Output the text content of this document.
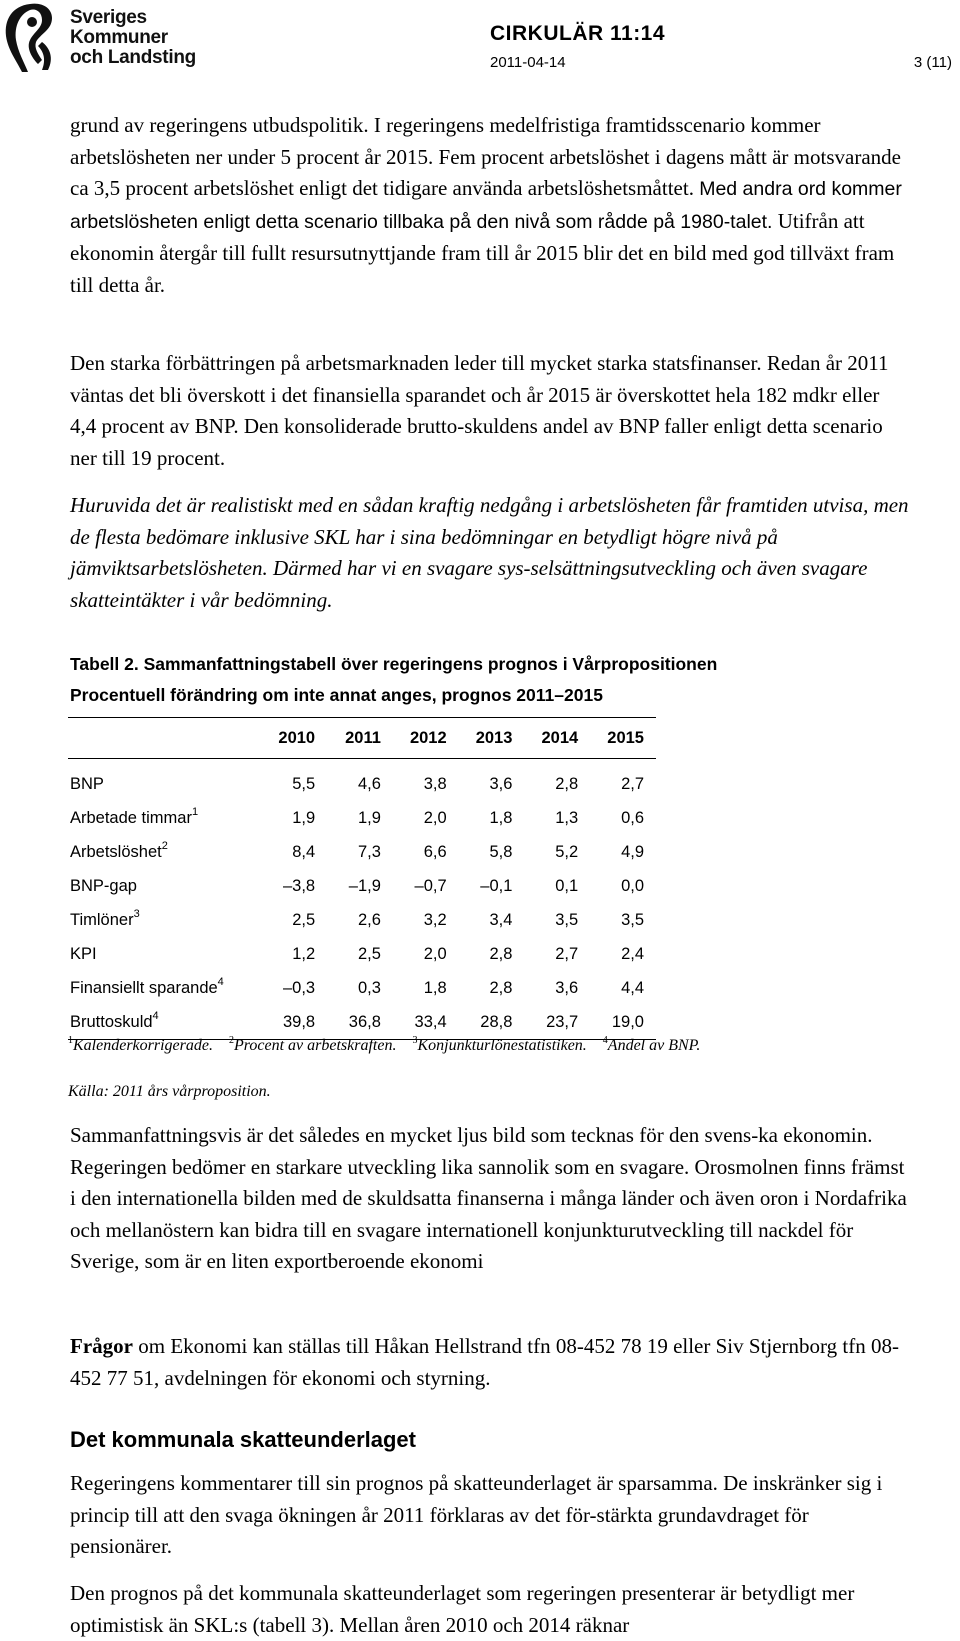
Sveriges
Kommuner
och Landsting
CIRKULÄR 11:14
2011-04-14	3 (11)

grund av regeringens utbudspolitik. I regeringens medelfristiga framtidsscenario kommer arbetslösheten ner under 5 procent år 2015. Fem procent arbetslöshet i dagens mått är motsvarande ca 3,5 procent arbetslöshet enligt det tidigare använda arbetslöshetsmåttet. Med andra ord kommer arbetslösheten enligt detta scenario tillbaka på den nivå som rådde på 1980-talet. Utifrån att ekonomin återgår till fullt resursutnyttjande fram till år 2015 blir det en bild med god tillväxt fram till detta år.

Den starka förbättringen på arbetsmarknaden leder till mycket starka statsfinanser. Redan år 2011 väntas det bli överskott i det finansiella sparandet och år 2015 är överskottet hela 182 mdkr eller 4,4 procent av BNP. Den konsoliderade brutto-skuldens andel av BNP faller enligt detta scenario ner till 19 procent.

Huruvida det är realistiskt med en sådan kraftig nedgång i arbetslösheten får framtiden utvisa, men de flesta bedömare inklusive SKL har i sina bedömningar en betydligt högre nivå på jämviktsarbetslösheten. Därmed har vi en svagare sys-selsättningsutveckling och även svagare skatteintäkter i vår bedömning.

Tabell 2. Sammanfattningstabell över regeringens prognos i Vårpropositionen
Procentuell förändring om inte annat anges, prognos 2011–2015
	2010	2011	2012	2013	2014	2015
BNP	5,5	4,6	3,8	3,6	2,8	2,7
Arbetade timmar$^1$	1,9	1,9	2,0	1,8	1,3	0,6
Arbetslöshet$^2$	8,4	7,3	6,6	5,8	5,2	4,9
BNP-gap	–3,8	–1,9	–0,7	–0,1	0,1	0,0
Timlöner$^3$	2,5	2,6	3,2	3,4	3,5	3,5
KPI	1,2	2,5	2,0	2,8	2,7	2,4
Finansiellt sparande$^4$	–0,3	0,3	1,8	2,8	3,6	4,4
Bruttoskuld$^4$	39,8	36,8	33,4	28,8	23,7	19,0
$^1$Kalenderkorrigerade. $^2$Procent av arbetskraften. $^3$Konjunkturlönestatistiken. $^4$Andel av BNP.
Källa: 2011 års vårproposition.

Sammanfattningsvis är det således en mycket ljus bild som tecknas för den svens-ka ekonomin. Regeringen bedömer en starkare utveckling lika sannolik som en svagare. Orosmolnen finns främst i den internationella bilden med de skuldsatta finanserna i många länder och även oron i Nordafrika och mellanöstern kan bidra till en svagare internationell konjunkturutveckling till nackdel för Sverige, som är en liten exportberoende ekonomi

Frågor om Ekonomi kan ställas till Håkan Hellstrand tfn 08-452 78 19 eller Siv Stjernborg tfn 08-452 77 51, avdelningen för ekonomi och styrning.

Det kommunala skatteunderlaget

Regeringens kommentarer till sin prognos på skatteunderlaget är sparsamma. De inskränker sig i princip till att den svaga ökningen år 2011 förklaras av det för-stärkta grundavdraget för pensionärer.

Den prognos på det kommunala skatteunderlaget som regeringen presenterar är betydligt mer optimistisk än SKL:s (tabell 3). Mellan åren 2010 och 2014 räknar
